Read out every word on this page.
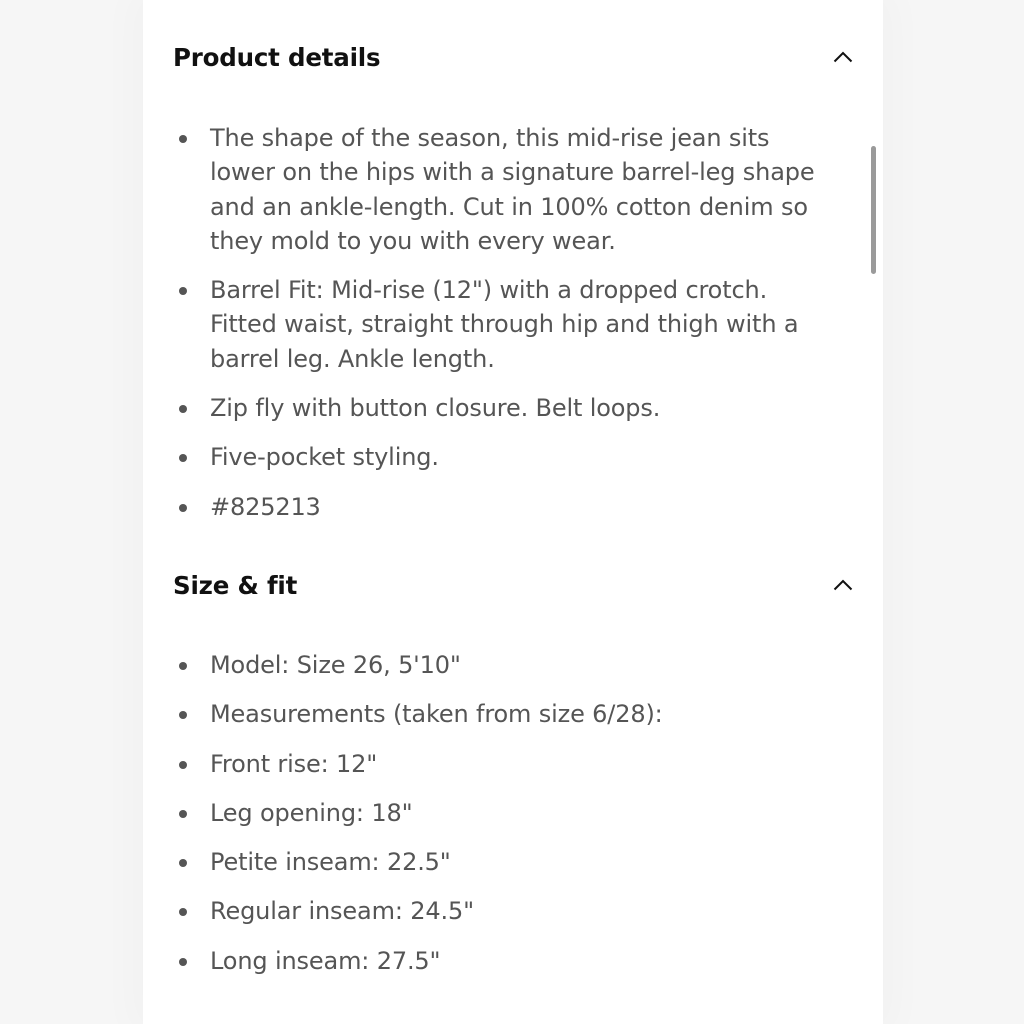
Product details
The shape of the season, this mid-rise jean sits lower on the hips with a signature barrel-leg shape and an ankle-length. Cut in 100% cotton denim so they mold to you with every wear.
Barrel Fit: Mid-rise (12") with a dropped crotch. Fitted waist, straight through hip and thigh with a barrel leg. Ankle length.
Zip fly with button closure. Belt loops.
Five-pocket styling.
#825213
Size & fit
Model: Size 26, 5'10"
Measurements (taken from size 6/28):
Front rise: 12"
Leg opening: 18"
Petite inseam: 22.5"
Regular inseam: 24.5"
Long inseam: 27.5"
